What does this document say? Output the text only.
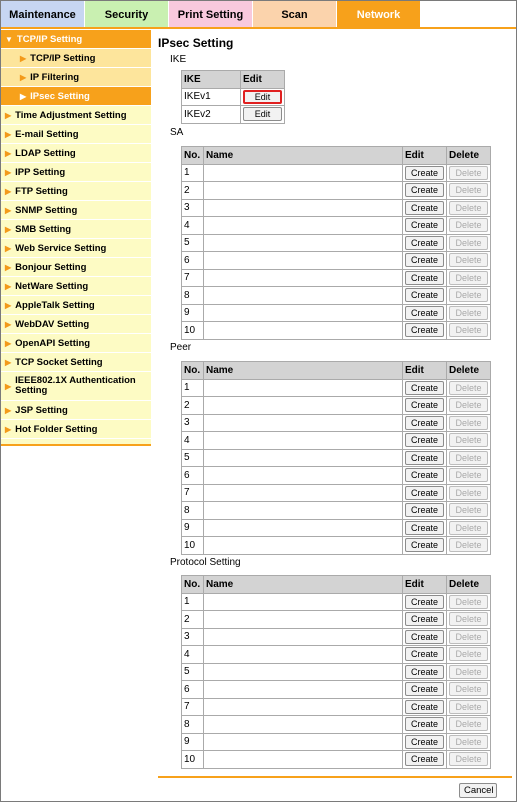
Maintenance	Security	Print Setting	Scan	Network
▼ TCP/IP Setting
▶ TCP/IP Setting
▶ IP Filtering
▶ IPsec Setting
▶ Time Adjustment Setting
▶ E-mail Setting
▶ LDAP Setting
▶ IPP Setting
▶ FTP Setting
▶ SNMP Setting
▶ SMB Setting
▶ Web Service Setting
▶ Bonjour Setting
▶ NetWare Setting
▶ AppleTalk Setting
▶ WebDAV Setting
▶ OpenAPI Setting
▶ TCP Socket Setting
▶ IEEE802.1X Authentication Setting
▶ JSP Setting
▶ Hot Folder Setting
IPsec Setting
IKE
IKE	Edit
IKEv1	Edit
IKEv2	Edit
SA
No.	Name	Edit	Delete
1		Create	Delete
2		Create	Delete
3		Create	Delete
4		Create	Delete
5		Create	Delete
6		Create	Delete
7		Create	Delete
8		Create	Delete
9		Create	Delete
10		Create	Delete
Peer
No.	Name	Edit	Delete
1		Create	Delete
2		Create	Delete
3		Create	Delete
4		Create	Delete
5		Create	Delete
6		Create	Delete
7		Create	Delete
8		Create	Delete
9		Create	Delete
10		Create	Delete
Protocol Setting
No.	Name	Edit	Delete
1		Create	Delete
2		Create	Delete
3		Create	Delete
4		Create	Delete
5		Create	Delete
6		Create	Delete
7		Create	Delete
8		Create	Delete
9		Create	Delete
10		Create	Delete
Cancel
